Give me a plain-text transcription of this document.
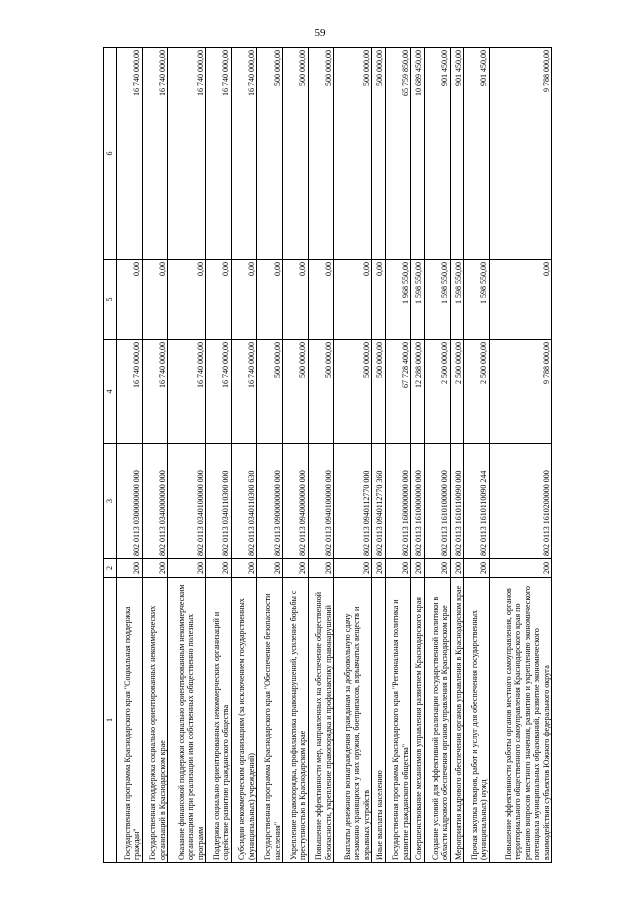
59
1	2	3	4	5	6
Государственная программа Краснодарского края "Социальная поддержка граждан"	200	802 0113 0300000000 000	16 740 000,00	0,00	16 740 000,00
Государственная поддержка социально ориентированных некоммерческих организаций в Краснодарском крае	200	802 0113 0340000000 000	16 740 000,00	0,00	16 740 000,00
Оказание финансовой поддержки социально ориентированным некоммерческим организациям при реализации ими собственных общественно полезных программ	200	802 0113 0340100000 000	16 740 000,00	0,00	16 740 000,00
Поддержка социально ориентированных некоммерческих организаций и содействие развитию гражданского общества	200	802 0113 0340110300 000	16 740 000,00	0,00	16 740 000,00
Субсидии некоммерческим организациям (за исключением государственных (муниципальных) учреждений)	200	802 0113 0340110300 630	16 740 000,00	0,00	16 740 000,00
Государственная программа Краснодарского края "Обеспечение безопасности населения"	200	802 0113 0900000000 000	500 000,00	0,00	500 000,00
Укрепление правопорядка, профилактика правонарушений, усиление борьбы с преступностью в Краснодарском крае	200	802 0113 0940000000 000	500 000,00	0,00	500 000,00
Повышение эффективности мер, направленных на обеспечение общественной безопасности, укрепление правопорядка и профилактику правонарушений	200	802 0113 0940100000 000	500 000,00	0,00	500 000,00
Выплаты денежного вознаграждения гражданам за добровольную сдачу незаконно хранящихся у них оружия, боеприпасов, взрывчатых веществ и взрывных устройств	200	802 0113 0940112770 000	500 000,00	0,00	500 000,00
Иные выплаты населению	200	802 0113 0940112770 360	500 000,00	0,00	500 000,00
Государственная программа Краснодарского края "Региональная политика и развитие гражданского общества"	200	802 0113 1600000000 000	67 728 400,00	1 968 550,00	65 759 850,00
Совершенствование механизмов управления развитием Краснодарского края	200	802 0113 1610000000 000	12 288 000,00	1 598 550,00	10 689 450,00
Создание условий для эффективной реализации государственной политики в области кадрового обеспечения органов управления в Краснодарском крае	200	802 0113 1610100000 000	2 500 000,00	1 598 550,00	901 450,00
Мероприятия кадрового обеспечения органов управления в Краснодарском крае	200	802 0113 1610110090 000	2 500 000,00	1 598 550,00	901 450,00
Прочая закупка товаров, работ и услуг для обеспечения государственных (муниципальных) нужд	200	802 0113 1610110090 244	2 500 000,00	1 598 550,00	901 450,00
Повышение эффективности работы органов местного самоуправления, органов территориального общественного самоуправления Краснодарского края по решению вопросов местного значения, развитию и укреплению экономического потенциала муниципальных образований, развитие экономического взаимодействия субъектов Южного федерального округа	200	802 0113 1610200000 000	9 788 000,00	0,00	9 788 000,00
